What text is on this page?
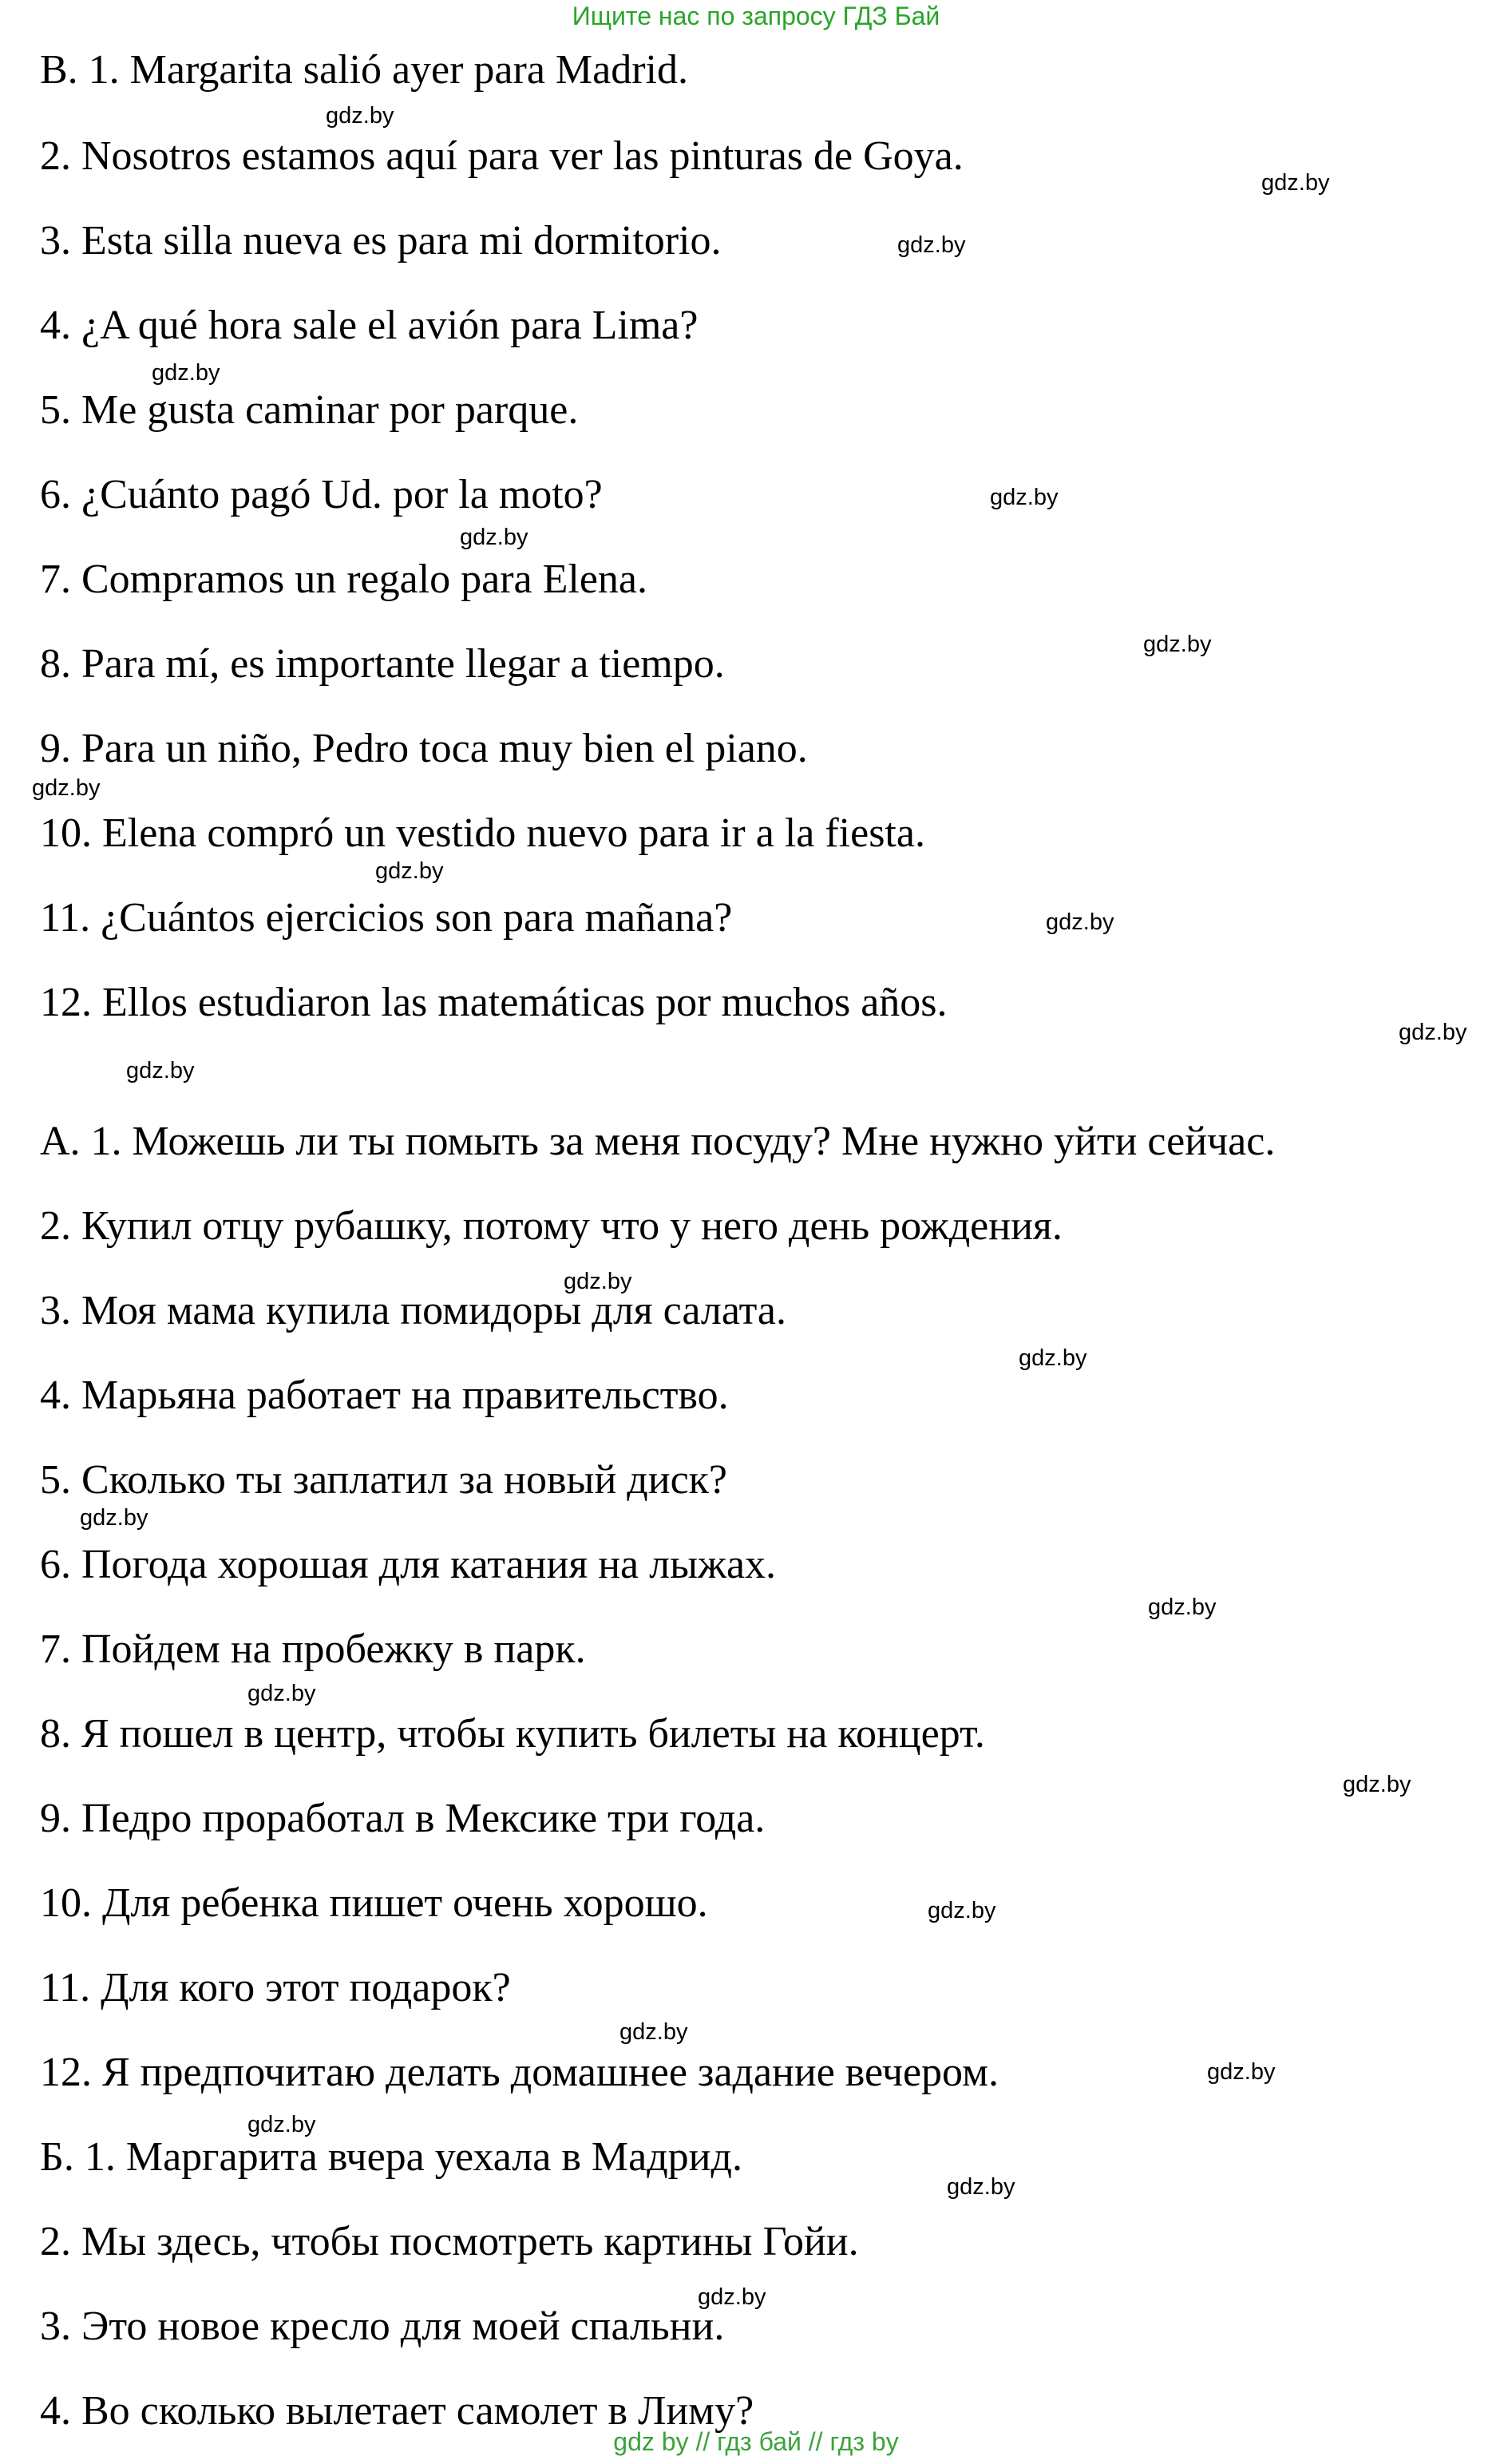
Ищите нас по запросу ГДЗ Бай
B. 1. Margarita salió ayer para Madrid.
2. Nosotros estamos aquí para ver las pinturas de Goya.
3. Esta silla nueva es para mi dormitorio.
4. ¿A qué hora sale el avión para Lima?
5. Me gusta caminar por parque.
6. ¿Cuánto pagó Ud. por la moto?
7. Compramos un regalo para Elena.
8. Para mí, es importante llegar a tiempo.
9. Para un niño, Pedro toca muy bien el piano.
10. Elena compró un vestido nuevo para ir a la fiesta.
11. ¿Cuántos ejercicios son para mañana?
12. Ellos estudiaron las matemáticas por muchos años.
A. 1. Можешь ли ты помыть за меня посуду? Мне нужно уйти сейчас.
2. Купил отцу рубашку, потому что у него день рождения.
3. Моя мама купила помидоры для салата.
4. Марьяна работает на правительство.
5. Сколько ты заплатил за новый диск?
6. Погода хорошая для катания на лыжах.
7. Пойдем на пробежку в парк.
8. Я пошел в центр, чтобы купить билеты на концерт.
9. Педро проработал в Мексике три года.
10. Для ребенка пишет очень хорошо.
11. Для кого этот подарок?
12. Я предпочитаю делать домашнее задание вечером.
Б. 1. Маргарита вчера уехала в Мадрид.
2. Мы здесь, чтобы посмотреть картины Гойи.
3. Это новое кресло для моей спальни.
4. Во сколько вылетает самолет в Лиму?
gdz.by
gdz.by
gdz.by
gdz.by
gdz.by
gdz.by
gdz.by
gdz.by
gdz.by
gdz.by
gdz.by
gdz.by
gdz.by
gdz.by
gdz.by
gdz.by
gdz.by
gdz.by
gdz.by
gdz.by
gdz.by
gdz.by
gdz.by
gdz.by
gdz by // гдз бай // гдз by
